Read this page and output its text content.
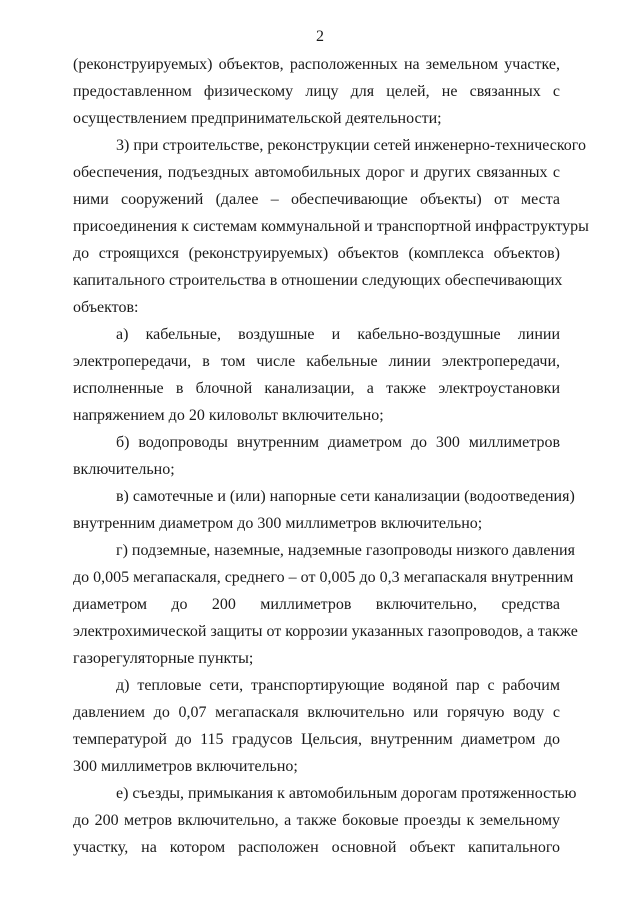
2
(реконструируемых) объектов, расположенных на земельном участке,
предоставленном физическому лицу для целей, не связанных с
осуществлением предпринимательской деятельности;
3) при строительстве, реконструкции сетей инженерно-технического
обеспечения, подъездных автомобильных дорог и других связанных с
ними сооружений (далее – обеспечивающие объекты) от места
присоединения к системам коммунальной и транспортной инфраструктуры
до строящихся (реконструируемых) объектов (комплекса объектов)
капитального строительства в отношении следующих обеспечивающих
объектов:
а) кабельные, воздушные и кабельно-воздушные линии
электропередачи, в том числе кабельные линии электропередачи,
исполненные в блочной канализации, а также электроустановки
напряжением до 20 киловольт включительно;
б) водопроводы внутренним диаметром до 300 миллиметров
включительно;
в) самотечные и (или) напорные сети канализации (водоотведения)
внутренним диаметром до 300 миллиметров включительно;
г) подземные, наземные, надземные газопроводы низкого давления
до 0,005 мегапаскаля, среднего – от 0,005 до 0,3 мегапаскаля внутренним
диаметром до 200 миллиметров включительно, средства
электрохимической защиты от коррозии указанных газопроводов, а также
газорегуляторные пункты;
д) тепловые сети, транспортирующие водяной пар с рабочим
давлением до 0,07 мегапаскаля включительно или горячую воду с
температурой до 115 градусов Цельсия, внутренним диаметром до
300 миллиметров включительно;
е) съезды, примыкания к автомобильным дорогам протяженностью
до 200 метров включительно, а также боковые проезды к земельному
участку, на котором расположен основной объект капитального
